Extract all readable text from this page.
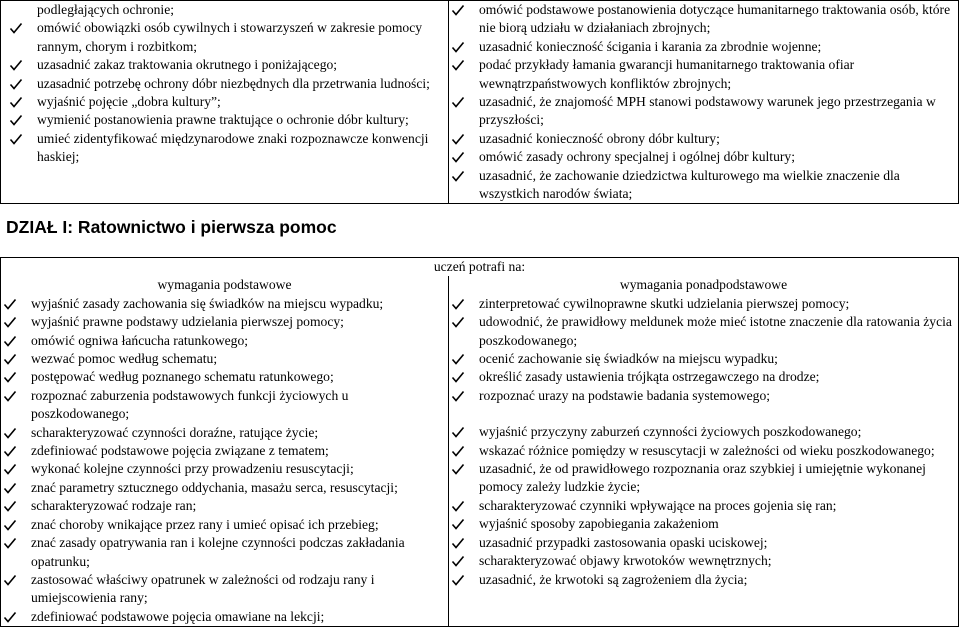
podległających ochronie;
omówić obowiązki osób cywilnych i stowarzyszeń w zakresie pomocy rannym, chorym i rozbitkom;
uzasadnić zakaz traktowania okrutnego i poniżającego;
uzasadnić potrzebę ochrony dóbr niezbędnych dla przetrwania ludności;
wyjaśnić pojęcie „dobra kultury”;
wymienić postanowienia prawne traktujące o ochronie dóbr kultury;
umieć zidentyfikować międzynarodowe znaki rozpoznawcze konwencji haskiej;

omówić podstawowe postanowienia dotyczące humanitarnego traktowania osób, które nie biorą udziału w działaniach zbrojnych;
uzasadnić konieczność ścigania i karania za zbrodnie wojenne;
podać przykłady łamania gwarancji humanitarnego traktowania ofiar wewnątrzpaństwowych konfliktów zbrojnych;
uzasadnić, że znajomość MPH stanowi podstawowy warunek jego przestrzegania w przyszłości;
uzasadnić konieczność obrony dóbr kultury;
omówić zasady ochrony specjalnej i ogólnej dóbr kultury;
uzasadnić, że zachowanie dziedzictwa kulturowego ma wielkie znaczenie dla wszystkich narodów świata;
DZIAŁ I: Ratownictwo i pierwsza pomoc
uczeń potrafi na:

wymagania podstawowe
wyjaśnić zasady zachowania się świadków na miejscu wypadku;
wyjaśnić prawne podstawy udzielania pierwszej pomocy;
omówić ogniwa łańcucha ratunkowego;
wezwać pomoc według schematu;
postępować według poznanego schematu ratunkowego;
rozpoznać zaburzenia podstawowych funkcji życiowych u poszkodowanego;
scharakteryzować czynności doraźne, ratujące życie;
zdefiniować podstawowe pojęcia związane z tematem;
wykonać kolejne czynności przy prowadzeniu resuscytacji;
znać parametry sztucznego oddychania, masażu serca, resuscytacji;
scharakteryzować rodzaje ran;
znać choroby wnikające przez rany i umieć opisać ich przebieg;
znać zasady opatrywania ran i kolejne czynności podczas zakładania opatrunku;
zastosować właściwy opatrunek w zależności od rodzaju rany i umiejscowienia rany;
zdefiniować podstawowe pojęcia omawiane na lekcji;

wymagania ponadpodstawowe
zinterpretować cywilnoprawne skutki udzielania pierwszej pomocy;
udowodnić, że prawidłowy meldunek może mieć istotne znaczenie dla ratowania życia poszkodowanego;
ocenić zachowanie się świadków na miejscu wypadku;
określić zasady ustawienia trójkąta ostrzegawczego na drodze;
rozpoznać urazy na podstawie badania systemowego;
wyjaśnić przyczyny zaburzeń czynności życiowych poszkodowanego;
wskazać różnice pomiędzy w resuscytacji w zależności od wieku poszkodowanego;
uzasadnić, że od prawidłowego rozpoznania oraz szybkiej i umiejętnie wykonanej pomocy zależy ludzkie życie;
scharakteryzować czynniki wpływające na proces gojenia się ran;
wyjaśnić sposoby zapobiegania zakażeniom
uzasadnić przypadki zastosowania opaski uciskowej;
scharakteryzować objawy krwotoków wewnętrznych;
uzasadnić, że krwotoki są zagrożeniem dla życia;
